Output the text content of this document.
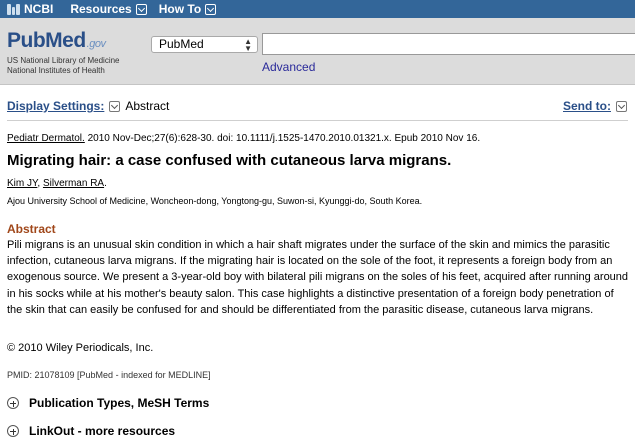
NCBI Resources How To
PubMed.gov
US National Library of Medicine
National Institutes of Health
PubMed	▲
▼
Advanced
Display Settings: Abstract	Send to:
Pediatr Dermatol. 2010 Nov-Dec;27(6):628-30. doi: 10.1111/j.1525-1470.2010.01321.x. Epub 2010 Nov 16.
Migrating hair: a case confused with cutaneous larva migrans.
Kim JY, Silverman RA.
Ajou University School of Medicine, Woncheon-dong, Yongtong-gu, Suwon-si, Kyunggi-do, South Korea.
Abstract
Pili migrans is an unusual skin condition in which a hair shaft migrates under the surface of the skin and mimics the parasitic infection, cutaneous larva migrans. If the migrating hair is located on the sole of the foot, it represents a foreign body from an exogenous source. We present a 3-year-old boy with bilateral pili migrans on the soles of his feet, acquired after running around in his socks while at his mother's beauty salon. This case highlights a distinctive presentation of a foreign body penetration of the skin that can easily be confused for and should be differentiated from the parasitic disease, cutaneous larva migrans.
© 2010 Wiley Periodicals, Inc.
PMID: 21078109 [PubMed - indexed for MEDLINE]
Publication Types, MeSH Terms
LinkOut - more resources
